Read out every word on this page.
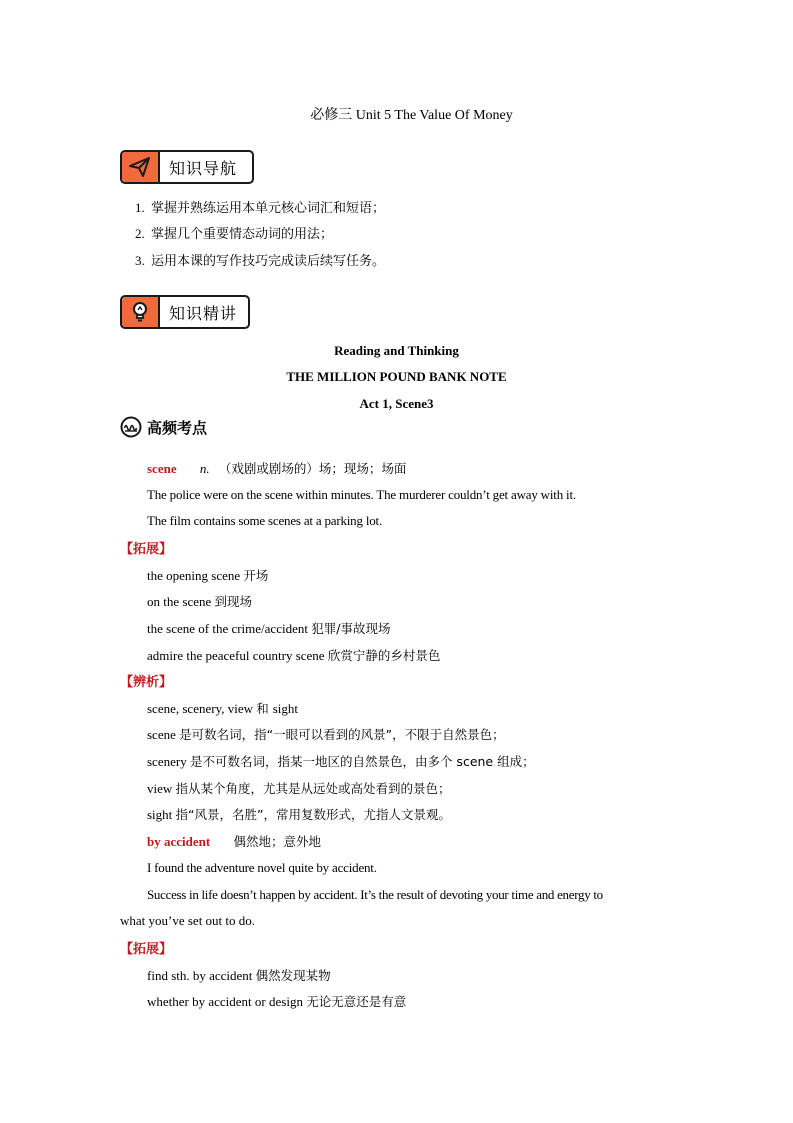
必修三 Unit 5 The Value Of Money
知识导航
1. 掌握并熟练运用本单元核心词汇和短语；
2. 掌握几个重要情态动词的用法；
3. 运用本课的写作技巧完成读后续写任务。
知识精讲
Reading and Thinking
THE MILLION POUND BANK NOTE
Act 1, Scene3
高频考点
scene n. （戏剧或剧场的）场；现场；场面
The police were on the scene within minutes. The murderer couldn’t get away with it.
The film contains some scenes at a parking lot.
【拓展】
the opening scene 开场
on the scene 到现场
the scene of the crime/accident 犯罪/事故现场
admire the peaceful country scene 欣赏宁静的乡村景色
【辨析】
scene, scenery, view 和 sight
scene 是可数名词，指“一眼可以看到的风景”，不限于自然景色；
scenery 是不可数名词，指某一地区的自然景色，由多个 scene 组成；
view 指从某个角度，尤其是从远处或高处看到的景色；
sight 指“风景，名胜”，常用复数形式，尤指人文景观。
by accident 偶然地；意外地
I found the adventure novel quite by accident.
Success in life doesn’t happen by accident. It’s the result of devoting your time and energy to
what you’ve set out to do.
【拓展】
find sth. by accident 偶然发现某物
whether by accident or design 无论无意还是有意
